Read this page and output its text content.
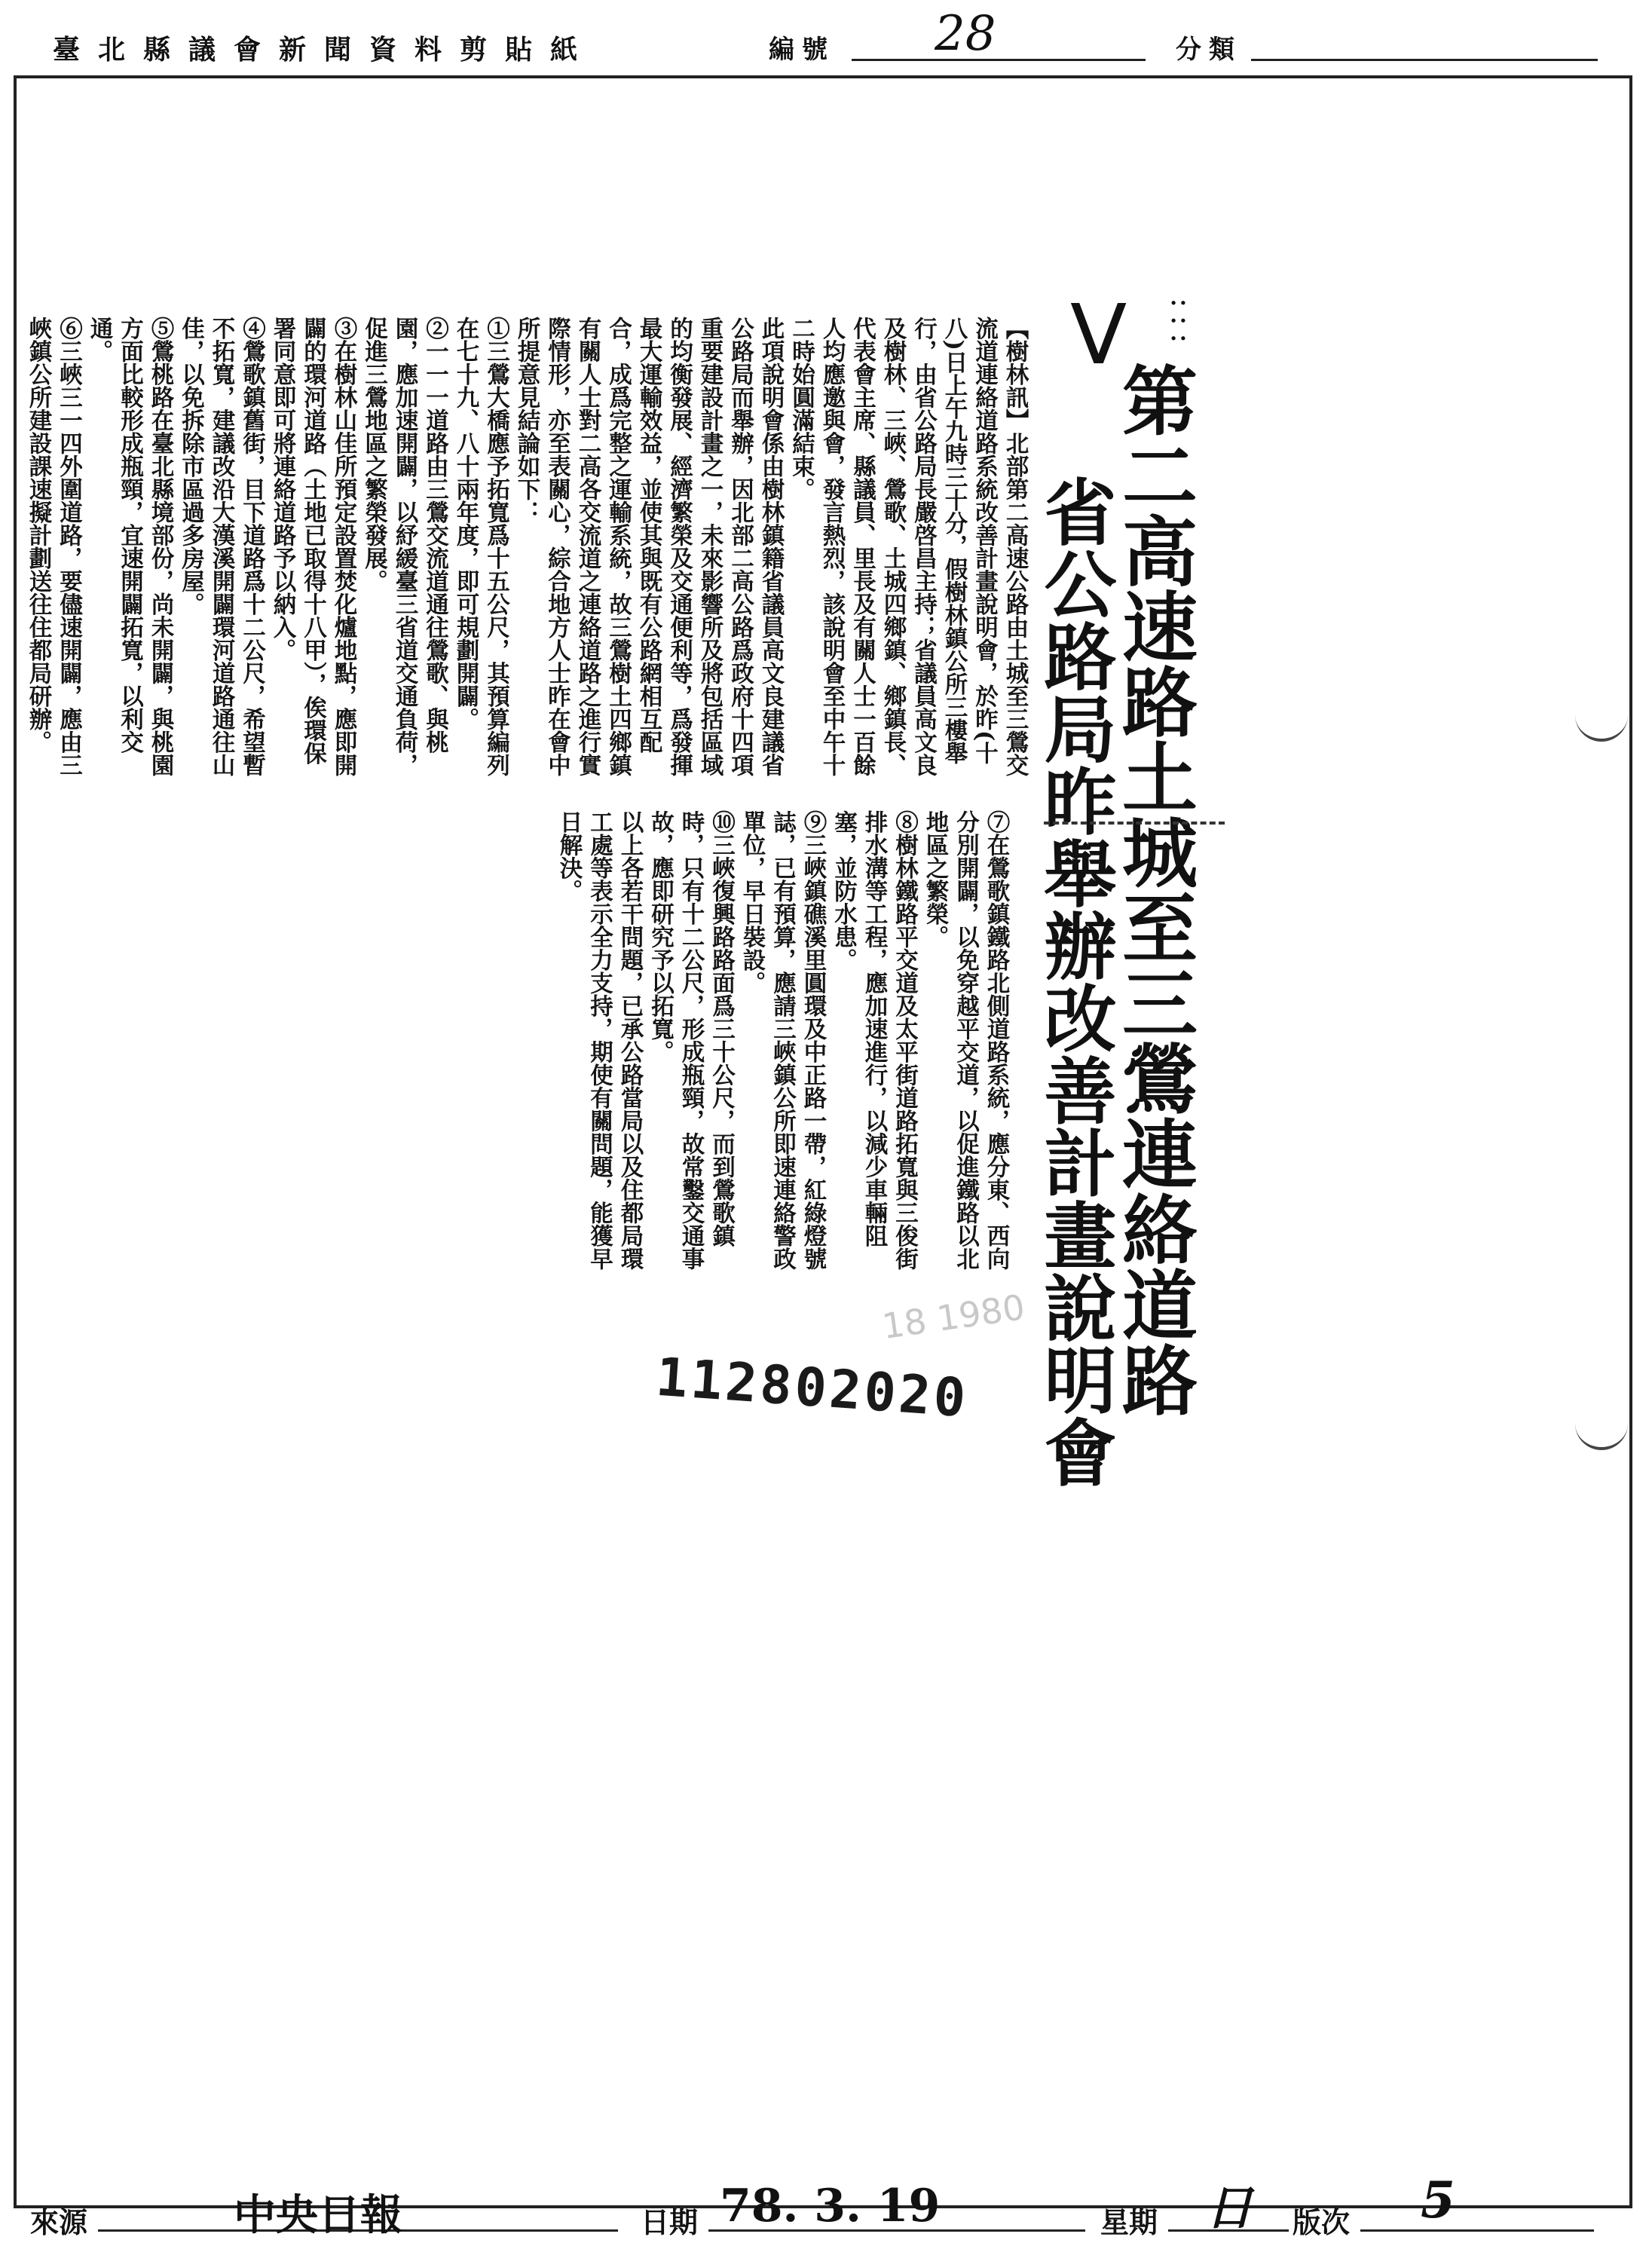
臺北縣議會新聞資料剪貼紙	編號 28	分類
:::
V
第二高速路土城至三鶯連絡道路
省公路局昨舉辦改善計畫說明會

【樹林訊】北部第二高速公路由土城至三鶯交流道連絡道路系統改善計畫說明會，於昨(十八)日上午九時三十分，假樹林鎮公所三樓舉行，由省公路局長嚴啓昌主持；省議員高文良及樹林、三峽、鶯歌、土城四鄉鎮、鄉鎮長、代表會主席、縣議員、里長及有關人士一百餘人均應邀與會，發言熱烈，該說明會至中午十二時始圓滿結束。

此項說明會係由樹林鎮籍省議員高文良建議省公路局而舉辦，因北部二高公路爲政府十四項重要建設計畫之一，未來影響所及將包括區域的均衡發展、經濟繁榮及交通便利等，爲發揮最大運輸效益，並使其與既有公路網相互配合，成爲完整之運輸系統，故三鶯樹土四鄉鎮有關人士對二高各交流道之連絡道路之進行實際情形，亦至表關心，綜合地方人士昨在會中所提意見結論如下：

①三鶯大橋應予拓寬爲十五公尺，其預算編列在七十九、八十兩年度，即可規劃開闢。

②一一一道路由三鶯交流道通往鶯歌、與桃園，應加速開闢，以紓緩臺三省道交通負荷，促進三鶯地區之繁榮發展。

③在樹林山佳所預定設置焚化爐地點，應即開闢的環河道路（土地已取得十八甲），俟環保署同意即可將連絡道路予以納入。

④鶯歌鎮舊街，目下道路爲十二公尺，希望暫不拓寬，建議改沿大漢溪開闢環河道路通往山佳，以免拆除市區過多房屋。

⑤鶯桃路在臺北縣境部份，尚未開闢，與桃園方面比較形成瓶頸，宜速開闢拓寬，以利交通。

⑥三峽三一四外圍道路，要儘速開闢，應由三峽鎮公所建設課速擬計劃送往住都局研辦。

⑦在鶯歌鎮鐵路北側道路系統，應分東、西向分別開闢，以免穿越平交道，以促進鐵路以北地區之繁榮。

⑧樹林鐵路平交道及太平街道路拓寬與三俊街排水溝等工程，應加速進行，以減少車輛阻塞，並防水患。

⑨三峽鎮礁溪里圓環及中正路一帶，紅綠燈號誌，已有預算，應請三峽鎮公所即速連絡警政單位，早日裝設。

⑩三峽復興路路面爲三十公尺，而到鶯歌鎮時，只有十二公尺，形成瓶頸，故常鑿交通事故，應即研究予以拓寬。

以上各若干問題，已承公路當局以及住都局環工處等表示全力支持，期使有關問題，能獲早日解決。

18 1980
112802020
來源	中央日報	日期 78. 3. 19	星期 日 版次 5
